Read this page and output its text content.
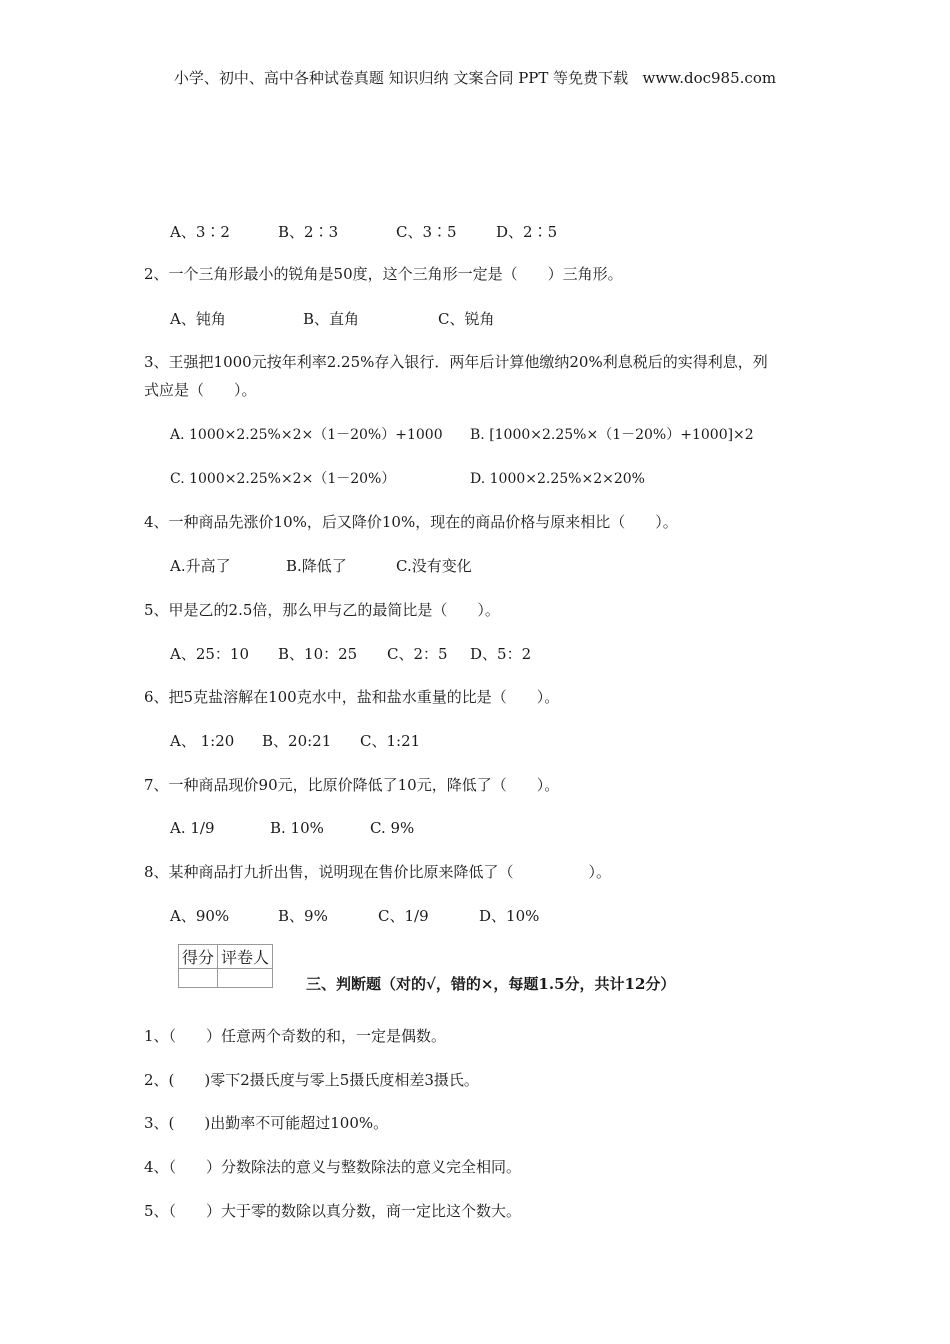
小学、初中、高中各种试卷真题 知识归纳 文案合同 PPT 等免费下载   www.doc985.com
A、3∶2	B、2∶3	C、3∶5	D、2∶5
2、一个三角形最小的锐角是50度，这个三角形一定是（　　）三角形。
A、钝角	B、直角	C、锐角
3、王强把1000元按年利率2.25%存入银行．两年后计算他缴纳20%利息税后的实得利息，列
式应是（　　）。
A. 1000×2.25%×2×（1－20%）+1000 B. [1000×2.25%×（1－20%）+1000]×2
C. 1000×2.25%×2×（1－20%）	D. 1000×2.25%×2×20%
4、一种商品先涨价10%，后又降价10%，现在的商品价格与原来相比（　　）。
A.升高了	B.降低了	C.没有变化
5、甲是乙的2.5倍，那么甲与乙的最简比是（　　）。
A、25：10 B、10：25 C、2：5 D、5：2
6、把5克盐溶解在100克水中，盐和盐水重量的比是（　　）。
A、 1:20 B、20:21 C、1:21
7、一种商品现价90元，比原价降低了10元，降低了（　　）。
A. 1/9	B. 10%	C. 9%
8、某种商品打九折出售，说明现在售价比原来降低了（　　　　　）。
A、90%	B、9%	C、1/9	D、10%
得分	评卷人

三、判断题（对的√，错的×，每题1.5分，共计12分）
1、（　　）任意两个奇数的和，一定是偶数。
2、(　　)零下2摄氏度与零上5摄氏度相差3摄氏。
3、(　　)出勤率不可能超过100%。
4、（　　）分数除法的意义与整数除法的意义完全相同。
5、（　　）大于零的数除以真分数，商一定比这个数大。
